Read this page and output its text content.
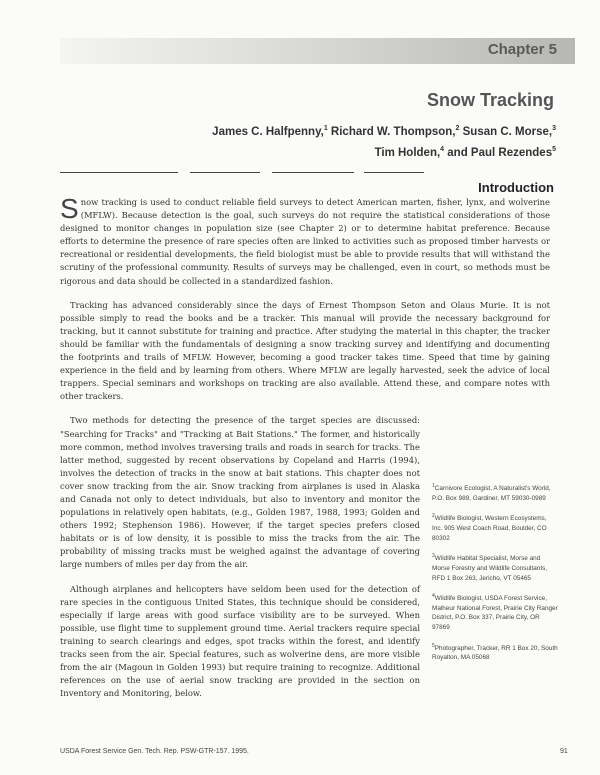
Chapter 5
Snow Tracking

James C. Halfpenny,$^1$ Richard W. Thompson,$^2$ Susan C. Morse,$^3$
Tim Holden,$^4$ and Paul Rezendes$^5$

Introduction

Snow tracking is used to conduct reliable field surveys to detect American marten, fisher, lynx, and wolverine (MFLW). Because detection is the goal, such surveys do not require the statistical considerations of those designed to monitor changes in population size (see Chapter 2) or to determine habitat preference. Because efforts to determine the presence of rare species often are linked to activities such as proposed timber harvests or recreational or residential developments, the field biologist must be able to provide results that will withstand the scrutiny of the professional community. Results of surveys may be challenged, even in court, so methods must be rigorous and data should be collected in a standardized fashion.

Tracking has advanced considerably since the days of Ernest Thompson Seton and Olaus Murie. It is not possible simply to read the books and be a tracker. This manual will provide the necessary background for tracking, but it cannot substitute for training and practice. After studying the material in this chapter, the tracker should be familiar with the fundamentals of designing a snow tracking survey and identifying and documenting the footprints and trails of MFLW. However, becoming a good tracker takes time. Speed that time by gaining experience in the field and by learning from others. Where MFLW are legally harvested, seek the advice of local trappers. Special seminars and workshops on tracking are also available. Attend these, and compare notes with other trackers.

Two methods for detecting the presence of the target species are discussed: "Searching for Tracks" and "Tracking at Bait Stations." The former, and historically more common, method involves traversing trails and roads in search for tracks. The latter method, suggested by recent observations by Copeland and Harris (1994), involves the detection of tracks in the snow at bait stations. This chapter does not cover snow tracking from the air. Snow tracking from airplanes is used in Alaska and Canada not only to detect individuals, but also to inventory and monitor the populations in relatively open habitats, (e.g., Golden 1987, 1988, 1993; Golden and others 1992; Stephenson 1986). However, if the target species prefers closed habitats or is of low density, it is possible to miss the tracks from the air. The probability of missing tracks must be weighed against the advantage of covering large numbers of miles per day from the air.

Although airplanes and helicopters have seldom been used for the detection of rare species in the contiguous United States, this technique should be considered, especially if large areas with good surface visibility are to be surveyed. When possible, use flight time to supplement ground time. Aerial trackers require special training to search clearings and edges, spot tracks within the forest, and identify tracks seen from the air. Special features, such as wolverine dens, are more visible from the air (Magoun in Golden 1993) but require training to recognize. Additional references on the use of aerial snow tracking are provided in the section on Inventory and Monitoring, below.

$^1$Carnivore Ecologist, A Naturalist's World, P.O. Box 989, Gardiner, MT 59030-0989

$^2$Wildlife Biologist, Western Ecosystems, Inc. 905 West Coach Road, Boulder, CO 80302

$^3$Wildlife Habitat Specialist, Morse and Morse Forestry and Wildlife Consultants, RFD 1 Box 263, Jericho, VT 05465

$^4$Wildlife Biologist, USDA Forest Service, Malheur National Forest, Prairie City Ranger District, P.O. Box 337, Prairie City, OR 97869

$^5$Photographer, Tracker, RR 1 Box 20, South Royalton, MA 05068

USDA Forest Service Gen. Tech. Rep. PSW-GTR-157. 1995.	91
